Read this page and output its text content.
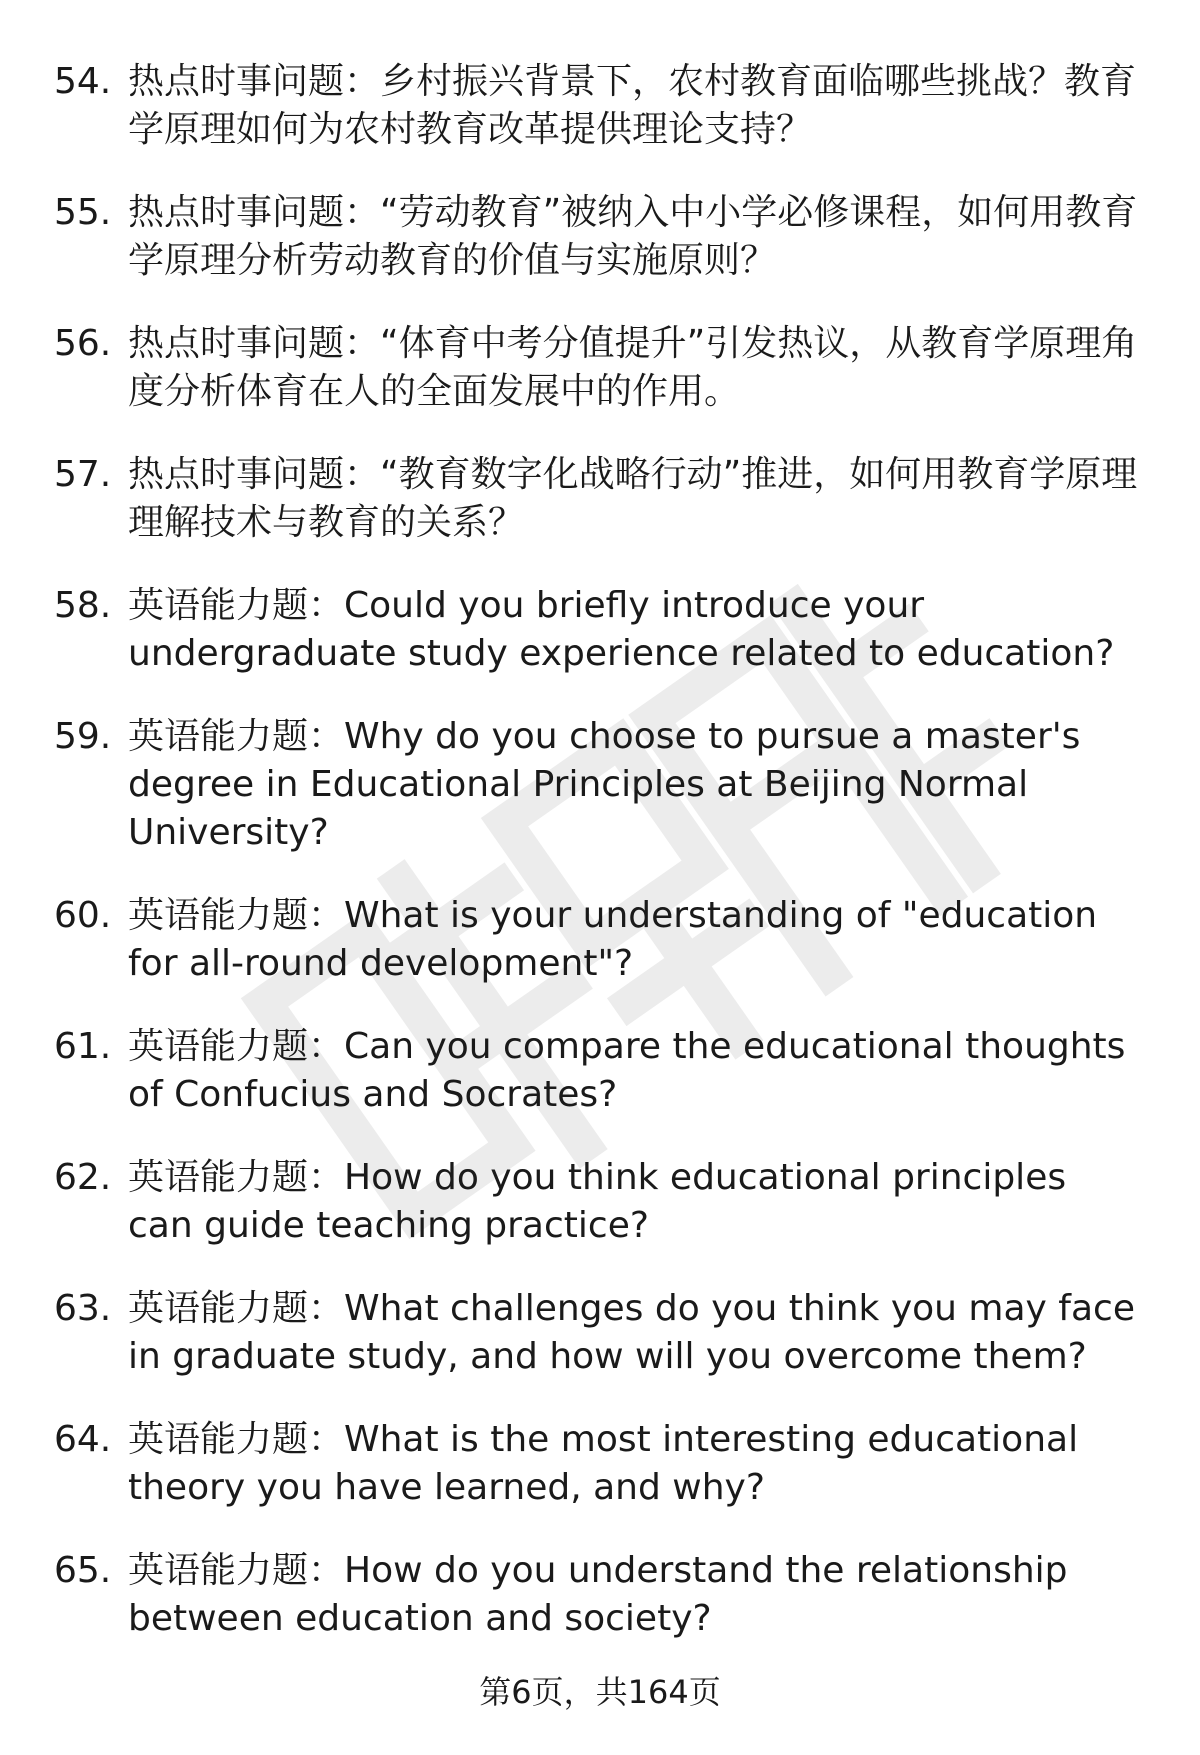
54. 热点时事问题：乡村振兴背景下，农村教育面临哪些挑战？教育学原理如何为农村教育改革提供理论支持？
55. 热点时事问题：“劳动教育”被纳入中小学必修课程，如何用教育学原理分析劳动教育的价值与实施原则？
56. 热点时事问题：“体育中考分值提升”引发热议，从教育学原理角度分析体育在人的全面发展中的作用。
57. 热点时事问题：“教育数字化战略行动”推进，如何用教育学原理理解技术与教育的关系？
58. 英语能力题：Could you briefly introduce your undergraduate study experience related to education?
59. 英语能力题：Why do you choose to pursue a master's degree in Educational Principles at Beijing Normal University?
60. 英语能力题：What is your understanding of "education for all-round development"?
61. 英语能力题：Can you compare the educational thoughts of Confucius and Socrates?
62. 英语能力题：How do you think educational principles can guide teaching practice?
63. 英语能力题：What challenges do you think you may face in graduate study, and how will you overcome them?
64. 英语能力题：What is the most interesting educational theory you have learned, and why?
65. 英语能力题：How do you understand the relationship between education and society?
第6页，共164页
